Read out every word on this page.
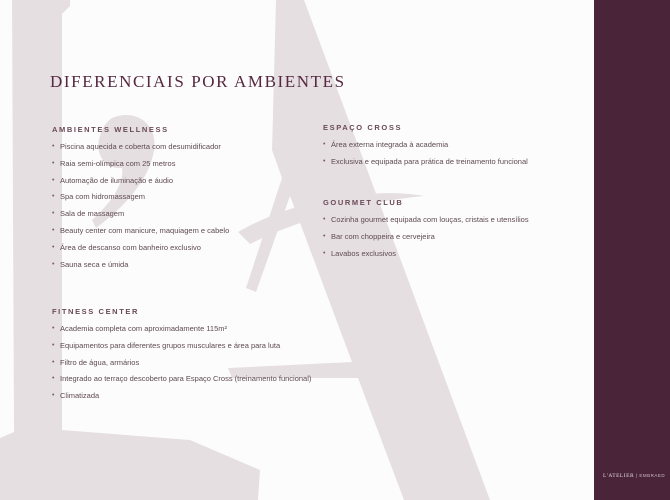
DIFERENCIAIS POR AMBIENTES
AMBIENTES WELLNESS
• Piscina aquecida e coberta com desumidificador
• Raia semi-olímpica com 25 metros
• Automação de iluminação e áudio
• Spa com hidromassagem
• Sala de massagem
• Beauty center com manicure, maquiagem e cabelo
• Área de descanso com banheiro exclusivo
• Sauna seca e úmida
FITNESS CENTER
• Academia completa com aproximadamente 115m²
• Equipamentos para diferentes grupos musculares e área para luta
• Filtro de água, armários
• Integrado ao terraço descoberto para Espaço Cross (treinamento funcional)
• Climatizada
ESPAÇO CROSS
• Área externa integrada à academia
• Exclusiva e equipada para prática de treinamento funcional
GOURMET CLUB
• Cozinha gourmet equipada com louças, cristais e utensílios
• Bar com choppeira e cervejeira
• Lavabos exclusivos
L'ATELIER | EMBRAED
